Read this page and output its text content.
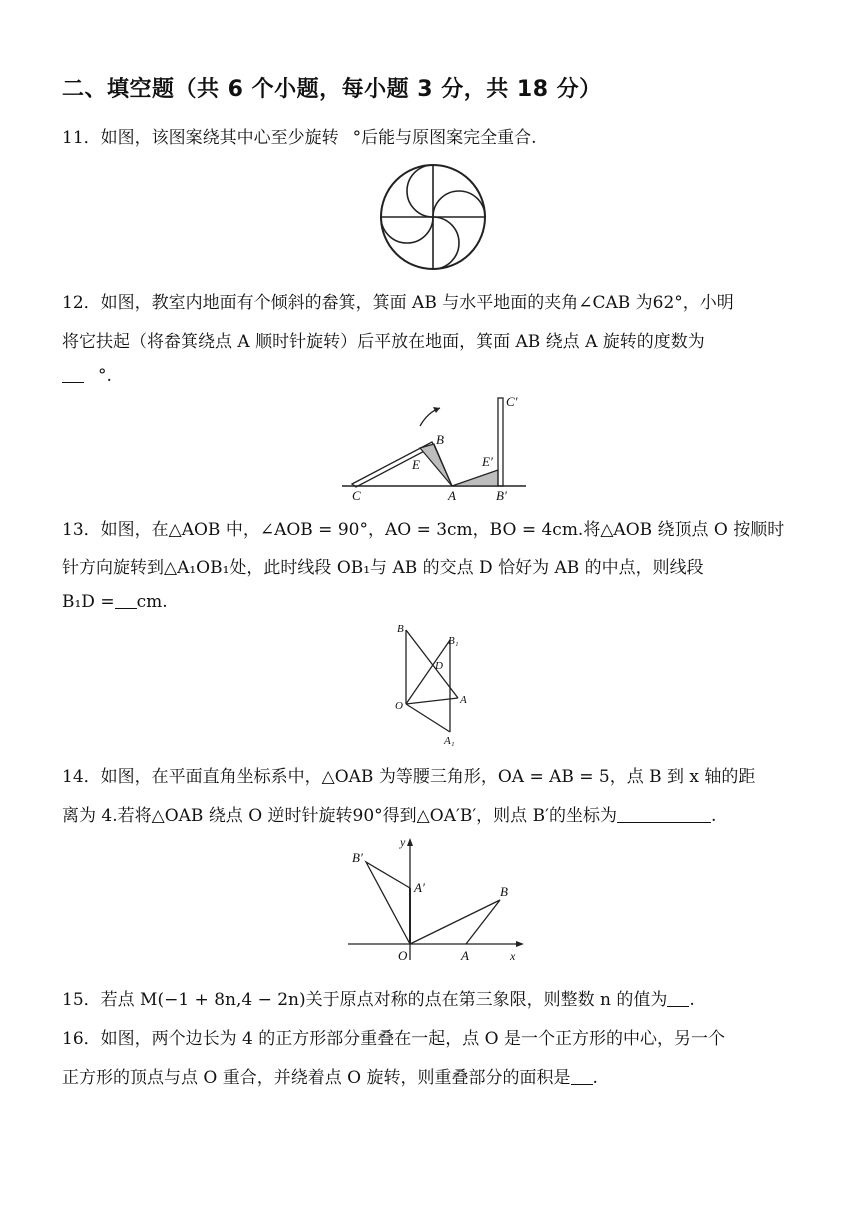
二、填空题（共 6 个小题，每小题 3 分，共 18 分）
11．如图，该图案绕其中心至少旋转 °后能与原图案完全重合.
12．如图，教室内地面有个倾斜的畚箕，箕面 AB 与水平地面的夹角∠CAB 为62°，小明
将它扶起（将畚箕绕点 A 顺时针旋转）后平放在地面，箕面 AB 绕点 A 旋转的度数为
°.
C′
B
E	E′
C	A	B′
13．如图，在△AOB 中，∠AOB = 90°，AO = 3cm，BO = 4cm.将△AOB 绕顶点 O 按顺时
针方向旋转到△A₁OB₁处，此时线段 OB₁与 AB 的交点 D 恰好为 AB 的中点，则线段
B₁D = cm.
B
B₁
D
O	A
A₁
14．如图，在平面直角坐标系中，△OAB 为等腰三角形，OA = AB = 5，点 B 到 x 轴的距
离为 4.若将△OAB 绕点 O 逆时针旋转90°得到△OA′B′，则点 B′的坐标为	.
y
B′
A′	B
O	A	x
15．若点 M(−1 + 8n,4 − 2n)关于原点对称的点在第三象限，则整数 n 的值为 .
16．如图，两个边长为 4 的正方形部分重叠在一起，点 O 是一个正方形的中心，另一个
正方形的顶点与点 O 重合，并绕着点 O 旋转，则重叠部分的面积是 .
